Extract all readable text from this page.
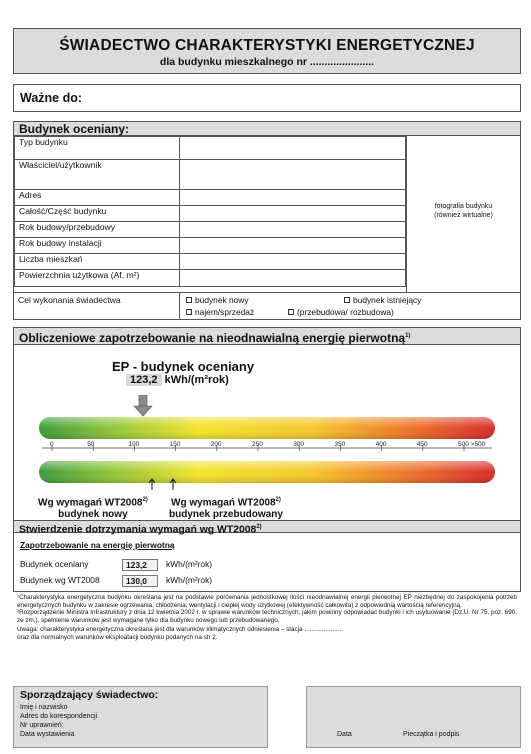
ŚWIADECTWO CHARAKTERYSTYKI ENERGETYCZNEJ
dla budynku mieszkalnego nr ......................
Ważne do:
Budynek oceniany:
Typ budynku	
Właściciel/użytkownik	
Adres	
Całość/Część budynku	
Rok budowy/przebudowy	
Rok budowy instalacji	
Liczba mieszkań	
Powierzchnia użytkowa (Af, m²)	
fotografia budynku
(również wirtualne)
Cel wykonania świadectwa	budynek nowy	budynek istniejący
najem/sprzedaż	(przebudowa/ rozbudowa)
Obliczeniowe zapotrzebowanie na nieodnawialną energię pierwotną$^{1)}$
EP - budynek oceniany
123,2 kWh/(m²rok)
0	50	100	150	200	250	300	350	400	450	500 >500
Wg wymagań WT2008$^{2)}$
budynek nowy
Wg wymagań WT2008$^{2)}$
budynek przebudowany
Stwierdzenie dotrzymania wymagań wg WT2008$^{2)}$
Zapotrzebowanie na energię pierwotną
Budynek oceniany	123,2	kWh/(m²rok)
Budynek wg WT2008	130,0	kWh/(m²rok)

¹Charakterystyka energetyczna budynku określana jest na podstawie porównania jednostkowej ilości nieodnawialnej energii pierwotnej EP niezbędnej do zaspokojenia potrzeb energetycznych budynku w zakresie ogrzewania, chłodzenia, wentylacji i ciepłej wody użytkowej (efektywność całkowita) z odpowiednią wartością referencyjną.

²Rozporządzenie Ministra Infrastruktury z dnia 12 kwietnia 2002 r. w sprawie warunków technicznych, jakim powinny odpowiadać budynki i ich usytuowanie (Dz.U. Nr 75, poz. 690, ze zm.), spełnienie warunków jest wymagane tylko dla budynku nowego lub przebudowanego.

Uwaga: charakterystyka energetyczna określana jest dla warunków klimatycznych odniesienia – stacja ......................

oraz dla normalnych warunków eksploatacji budynku podanych na str 2.

Sporządzający świadectwo:
Imię i nazwisko
Adres do korespondencji
Nr uprawnień:
Data wystawienia	Data	Pieczątka i podpis
